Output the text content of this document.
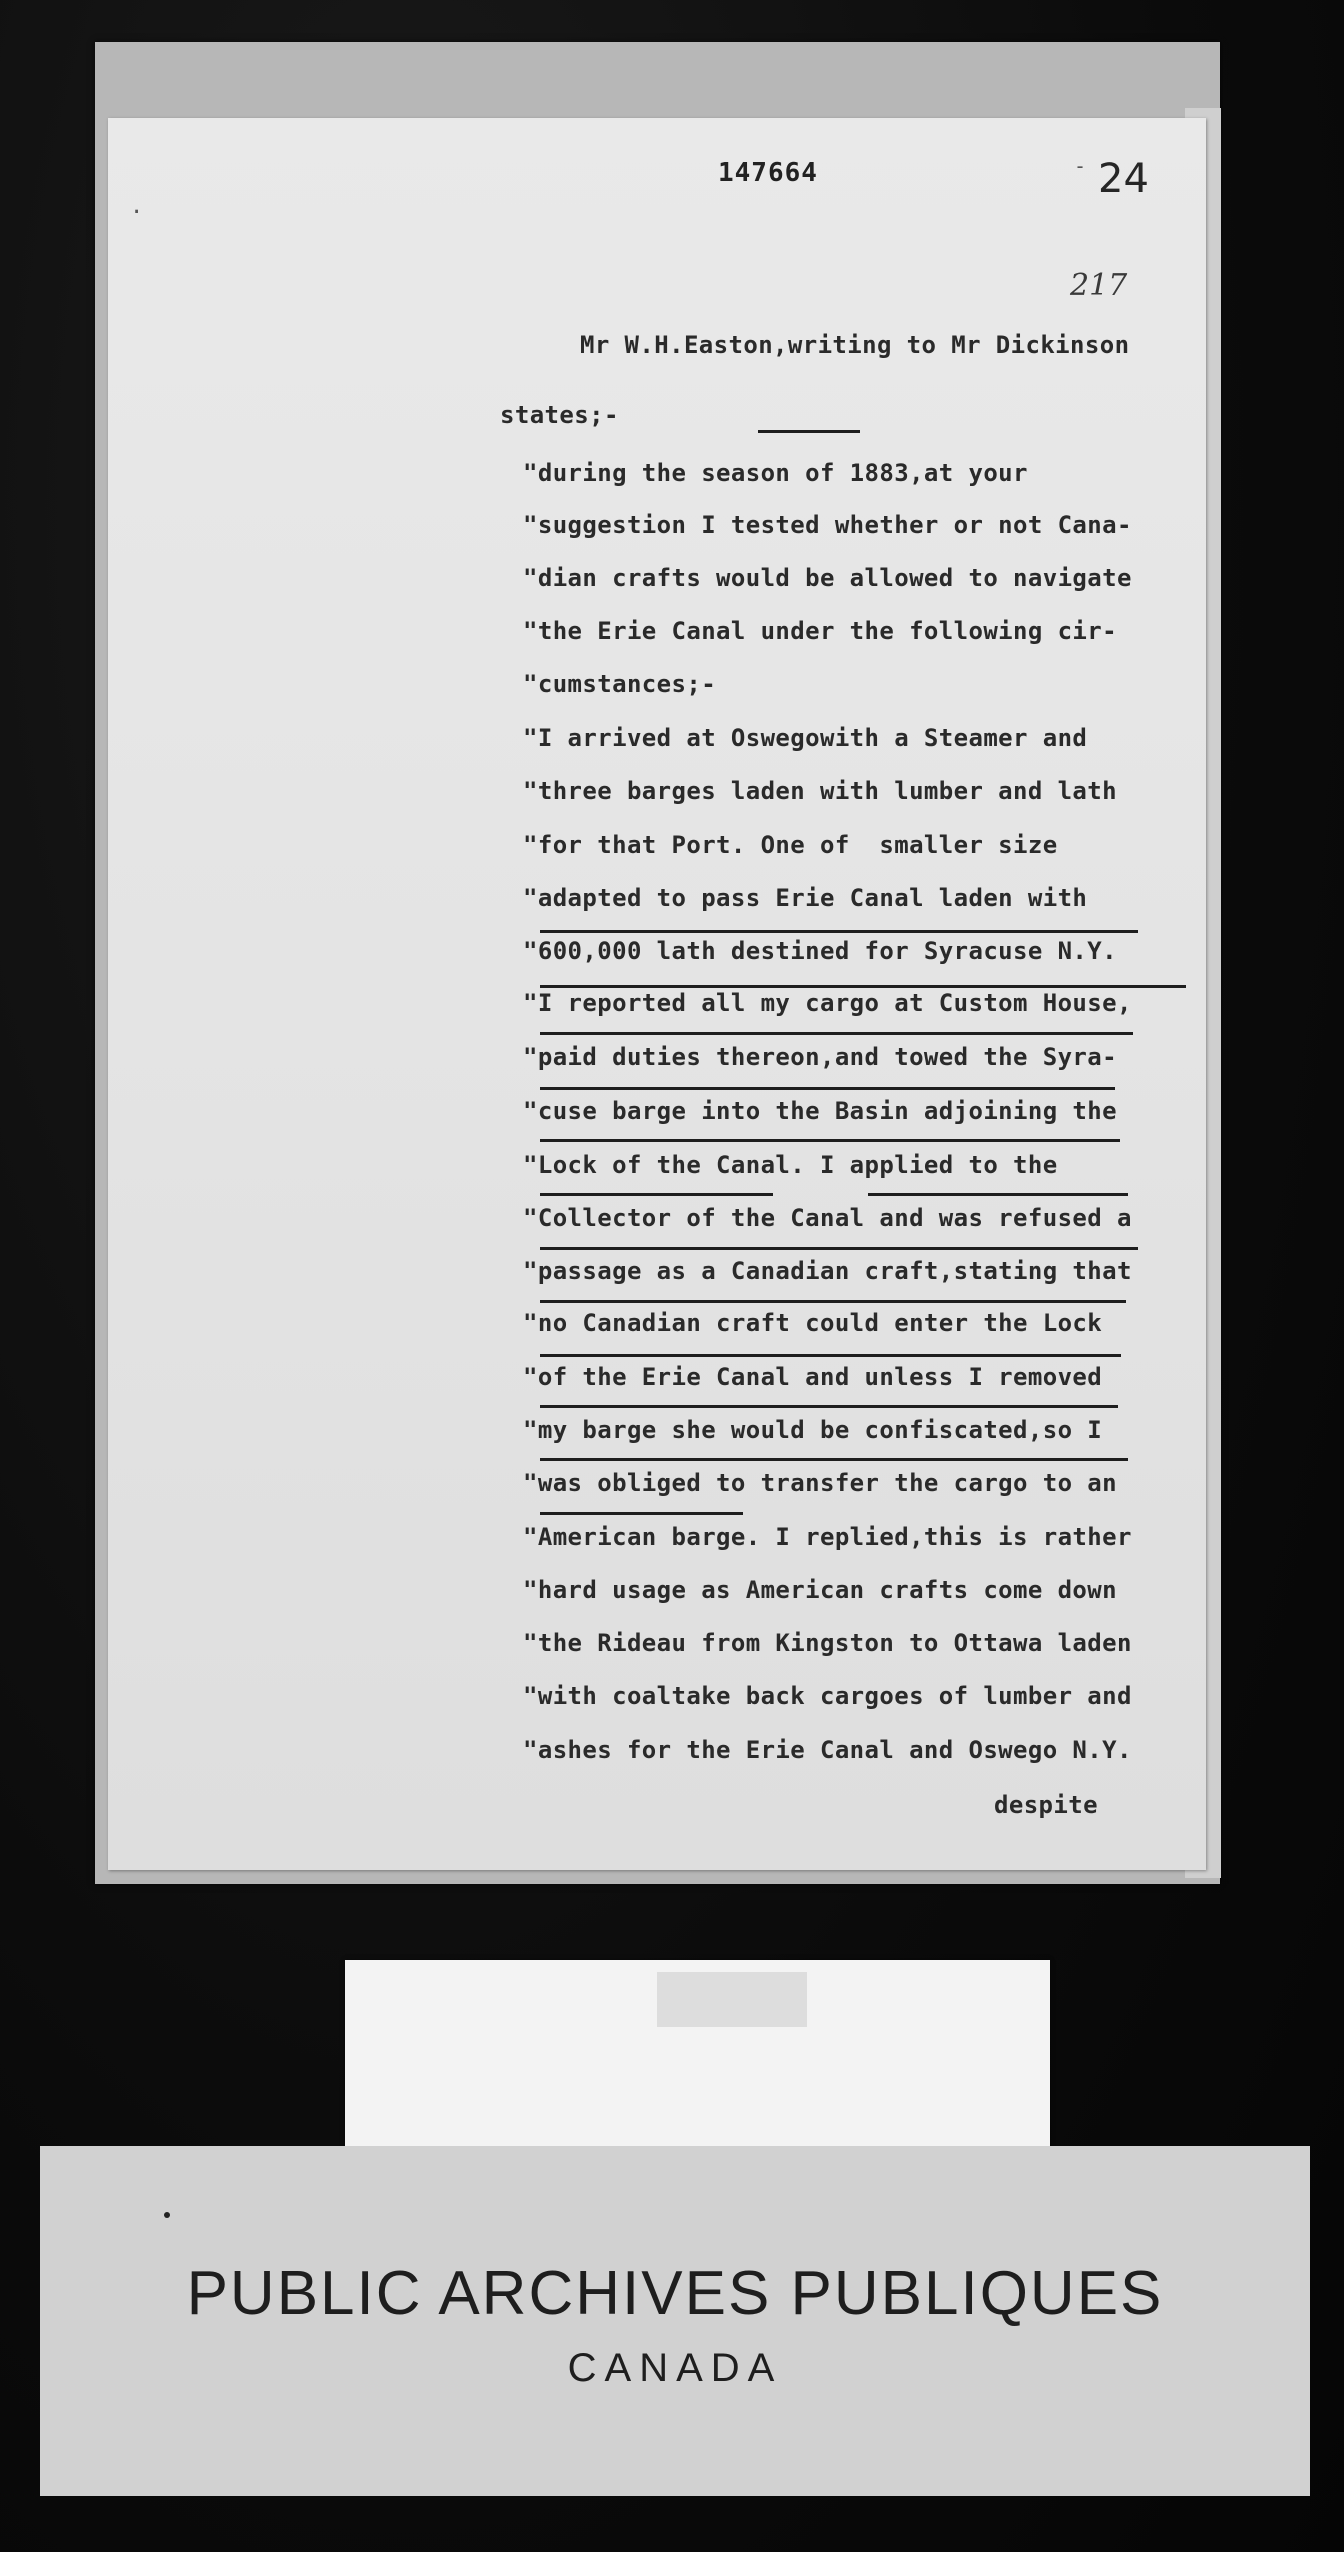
·
147664	- 24
217
Mr W.H.Easton,writing to Mr Dickinson
states;-
"during the season of 1883,at your
"suggestion I tested whether or not Cana-
"dian crafts would be allowed to navigate
"the Erie Canal under the following cir-
"cumstances;-
"I arrived at Oswegowith a Steamer and
"three barges laden with lumber and lath
"for that Port. One of  smaller size
"adapted to pass Erie Canal laden with
"600,000 lath destined for Syracuse N.Y.
"I reported all my cargo at Custom House,
"paid duties thereon,and towed the Syra-
"cuse barge into the Basin adjoining the
"Lock of the Canal. I applied to the
"Collector of the Canal and was refused a
"passage as a Canadian craft,stating that
"no Canadian craft could enter the Lock
"of the Erie Canal and unless I removed
"my barge she would be confiscated,so I
"was obliged to transfer the cargo to an
"American barge. I replied,this is rather
"hard usage as American crafts come down
"the Rideau from Kingston to Ottawa laden
"with coaltake back cargoes of lumber and
"ashes for the Erie Canal and Oswego N.Y.
despite
PUBLIC ARCHIVES PUBLIQUES
CANADA
